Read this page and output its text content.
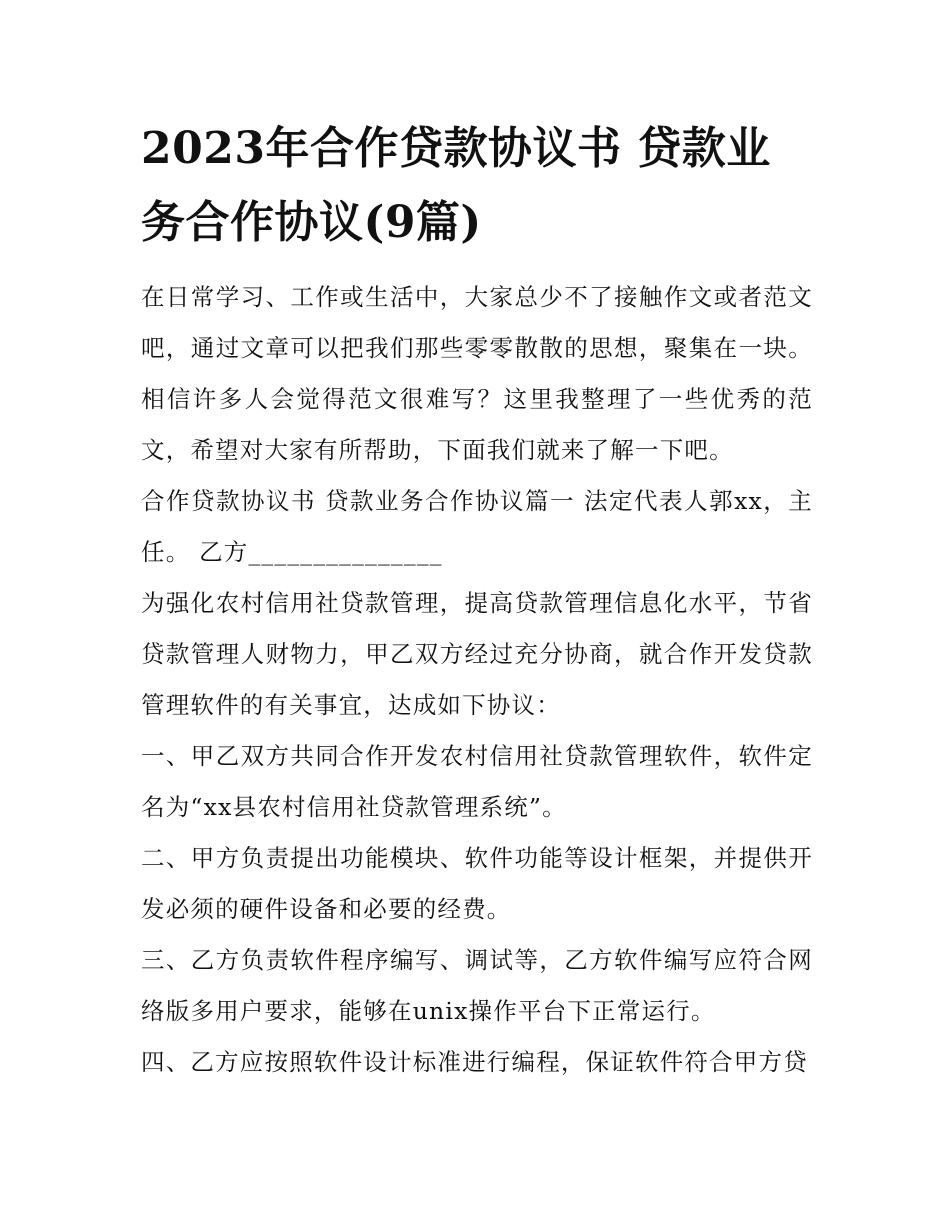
2023年合作贷款协议书 贷款业务合作协议(9篇)

在日常学习、工作或生活中，大家总少不了接触作文或者范文吧，通过文章可以把我们那些零零散散的思想，聚集在一块。相信许多人会觉得范文很难写？这里我整理了一些优秀的范文，希望对大家有所帮助，下面我们就来了解一下吧。

合作贷款协议书 贷款业务合作协议篇一 法定代表人郭xx，主任。 乙方_______________

为强化农村信用社贷款管理，提高贷款管理信息化水平，节省贷款管理人财物力，甲乙双方经过充分协商，就合作开发贷款管理软件的有关事宜，达成如下协议：

一、甲乙双方共同合作开发农村信用社贷款管理软件，软件定名为“xx县农村信用社贷款管理系统”。

二、甲方负责提出功能模块、软件功能等设计框架，并提供开发必须的硬件设备和必要的经费。

三、乙方负责软件程序编写、调试等，乙方软件编写应符合网络版多用户要求，能够在unix操作平台下正常运行。

四、乙方应按照软件设计标准进行编程，保证软件符合甲方贷
